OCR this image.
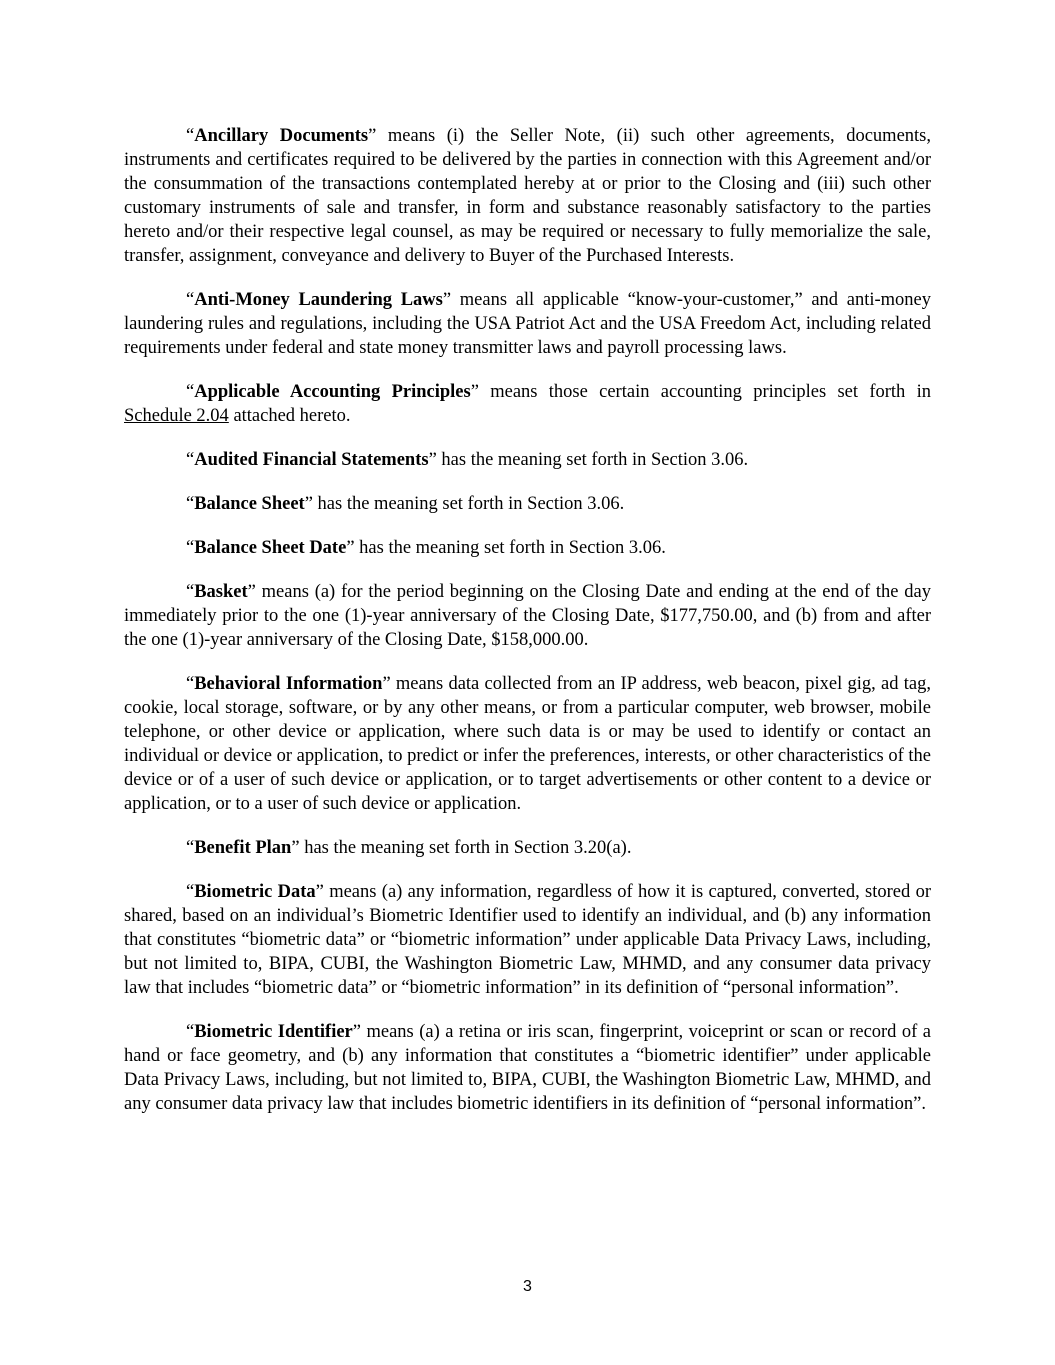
“Ancillary Documents” means (i) the Seller Note, (ii) such other agreements, documents, instruments and certificates required to be delivered by the parties in connection with this Agreement and/or the consummation of the transactions contemplated hereby at or prior to the Closing and (iii) such other customary instruments of sale and transfer, in form and substance reasonably satisfactory to the parties hereto and/or their respective legal counsel, as may be required or necessary to fully memorialize the sale, transfer, assignment, conveyance and delivery to Buyer of the Purchased Interests.

“Anti-Money Laundering Laws” means all applicable “know-your-customer,” and anti-money laundering rules and regulations, including the USA Patriot Act and the USA Freedom Act, including related requirements under federal and state money transmitter laws and payroll processing laws.

“Applicable Accounting Principles” means those certain accounting principles set forth in Schedule 2.04 attached hereto.

“Audited Financial Statements” has the meaning set forth in Section 3.06.

“Balance Sheet” has the meaning set forth in Section 3.06.

“Balance Sheet Date” has the meaning set forth in Section 3.06.

“Basket” means (a) for the period beginning on the Closing Date and ending at the end of the day immediately prior to the one (1)-year anniversary of the Closing Date, $177,750.00, and (b) from and after the one (1)-year anniversary of the Closing Date, $158,000.00.

“Behavioral Information” means data collected from an IP address, web beacon, pixel gig, ad tag, cookie, local storage, software, or by any other means, or from a particular computer, web browser, mobile telephone, or other device or application, where such data is or may be used to identify or contact an individual or device or application, to predict or infer the preferences, interests, or other characteristics of the device or of a user of such device or application, or to target advertisements or other content to a device or application, or to a user of such device or application.

“Benefit Plan” has the meaning set forth in Section 3.20(a).

“Biometric Data” means (a) any information, regardless of how it is captured, converted, stored or shared, based on an individual’s Biometric Identifier used to identify an individual, and (b) any information that constitutes “biometric data” or “biometric information” under applicable Data Privacy Laws, including, but not limited to, BIPA, CUBI, the Washington Biometric Law, MHMD, and any consumer data privacy law that includes “biometric data” or “biometric information” in its definition of “personal information”.

“Biometric Identifier” means (a) a retina or iris scan, fingerprint, voiceprint or scan or record of a hand or face geometry, and (b) any information that constitutes a “biometric identifier” under applicable Data Privacy Laws, including, but not limited to, BIPA, CUBI, the Washington Biometric Law, MHMD, and any consumer data privacy law that includes biometric identifiers in its definition of “personal information”.

3
